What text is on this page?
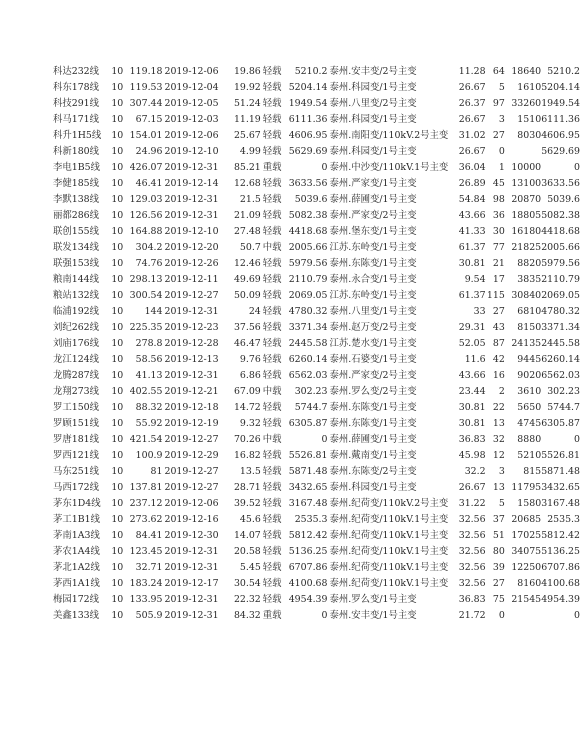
科达232线	10	119.18	2019-12-06	19.86	轻载	5210.2	泰州.安丰变/2号主变	11.28	64	18640	5210.2
科东178线	10	119.53	2019-12-04	19.92	轻载	5204.14	泰州.科园变/1号主变	26.67	5	1610	5204.14
科技291线	10	307.44	2019-12-05	51.24	轻载	1949.54	泰州.八里变/2号主变	26.37	97	33260	1949.54
科马171线	10	67.15	2019-12-03	11.19	轻载	6111.36	泰州.科园变/1号主变	26.67	3	1510	6111.36
科升1H5线	10	154.01	2019-12-06	25.67	轻载	4606.95	泰州.南阳变/110kV.2号主变	31.02	27	8030	4606.95
科新180线	10	24.96	2019-12-10	4.99	轻载	5629.69	泰州.科园变/1号主变	26.67	0		5629.69
李电1B5线	10	426.07	2019-12-31	85.21	重载	0	泰州.中沙变/110kV.1号主变	36.04	1	10000	0
李健185线	10	46.41	2019-12-14	12.68	轻载	3633.56	泰州.严家变/1号主变	26.89	45	13100	3633.56
李默138线	10	129.03	2019-12-31	21.5	轻载	5039.6	泰州.薛圃变/1号主变	54.84	98	20870	5039.6
丽都286线	10	126.56	2019-12-31	21.09	轻载	5082.38	泰州.严家变/2号主变	43.66	36	18805	5082.38
联创155线	10	164.88	2019-12-10	27.48	轻载	4418.68	泰州.堡东变/1号主变	41.33	30	16180	4418.68
联发134线	10	304.2	2019-12-20	50.7	中载	2005.66	江苏.东岭变/1号主变	61.37	77	21825	2005.66
联强153线	10	74.76	2019-12-26	12.46	轻载	5979.56	泰州.东陈变/1号主变	30.81	21	8820	5979.56
粮南144线	10	298.13	2019-12-11	49.69	轻载	2110.79	泰州.永合变/1号主变	9.54	17	3835	2110.79
粮站132线	10	300.54	2019-12-27	50.09	轻载	2069.05	江苏.东岭变/1号主变	61.37	115	30840	2069.05
临浦192线	10	144	2019-12-31	24	轻载	4780.32	泰州.八里变/1号主变	33	27	6810	4780.32
刘纪262线	10	225.35	2019-12-23	37.56	轻载	3371.34	泰州.赵万变/2号主变	29.31	43	8150	3371.34
刘庙176线	10	278.8	2019-12-28	46.47	轻载	2445.58	江苏.楚水变/1号主变	52.05	87	24135	2445.58
龙江124线	10	58.56	2019-12-13	9.76	轻载	6260.14	泰州.石婆变/1号主变	11.6	42	9445	6260.14
龙腾287线	10	41.13	2019-12-31	6.86	轻载	6562.03	泰州.严家变/2号主变	43.66	16	9020	6562.03
龙翔273线	10	402.55	2019-12-21	67.09	中载	302.23	泰州.罗么变/2号主变	23.44	2	3610	302.23
罗工150线	10	88.32	2019-12-18	14.72	轻载	5744.7	泰州.东陈变/1号主变	30.81	22	5650	5744.7
罗顾151线	10	55.92	2019-12-19	9.32	轻载	6305.87	泰州.东陈变/1号主变	30.81	13	4745	6305.87
罗唐181线	10	421.54	2019-12-27	70.26	中载	0	泰州.薛圃变/1号主变	36.83	32	8880	0
罗西121线	10	100.9	2019-12-29	16.82	轻载	5526.81	泰州.戴南变/1号主变	45.98	12	5210	5526.81
马东251线	10	81	2019-12-27	13.5	轻载	5871.48	泰州.东陈变/2号主变	32.2	3	815	5871.48
马西172线	10	137.81	2019-12-27	28.71	轻载	3432.65	泰州.科园变/1号主变	26.67	13	11795	3432.65
茅东1D4线	10	237.12	2019-12-06	39.52	轻载	3167.48	泰州.纪荷变/110kV.2号主变	31.22	5	1580	3167.48
茅工1B1线	10	273.62	2019-12-16	45.6	轻载	2535.3	泰州.纪荷变/110kV.1号主变	32.56	37	20685	2535.3
茅南1A3线	10	84.41	2019-12-30	14.07	轻载	5812.42	泰州.纪荷变/110kV.1号主变	32.56	51	17025	5812.42
茅农1A4线	10	123.45	2019-12-31	20.58	轻载	5136.25	泰州.纪荷变/110kV.1号主变	32.56	80	34075	5136.25
茅北1A2线	10	32.71	2019-12-31	5.45	轻载	6707.86	泰州.纪荷变/110kV.1号主变	32.56	39	12250	6707.86
茅西1A1线	10	183.24	2019-12-17	30.54	轻载	4100.68	泰州.纪荷变/110kV.1号主变	32.56	27	8160	4100.68
梅园172线	10	133.95	2019-12-31	22.32	轻载	4954.39	泰州.罗么变/1号主变	36.83	75	21545	4954.39
美鑫133线	10	505.9	2019-12-31	84.32	重载	0	泰州.安丰变/1号主变	21.72	0		0
